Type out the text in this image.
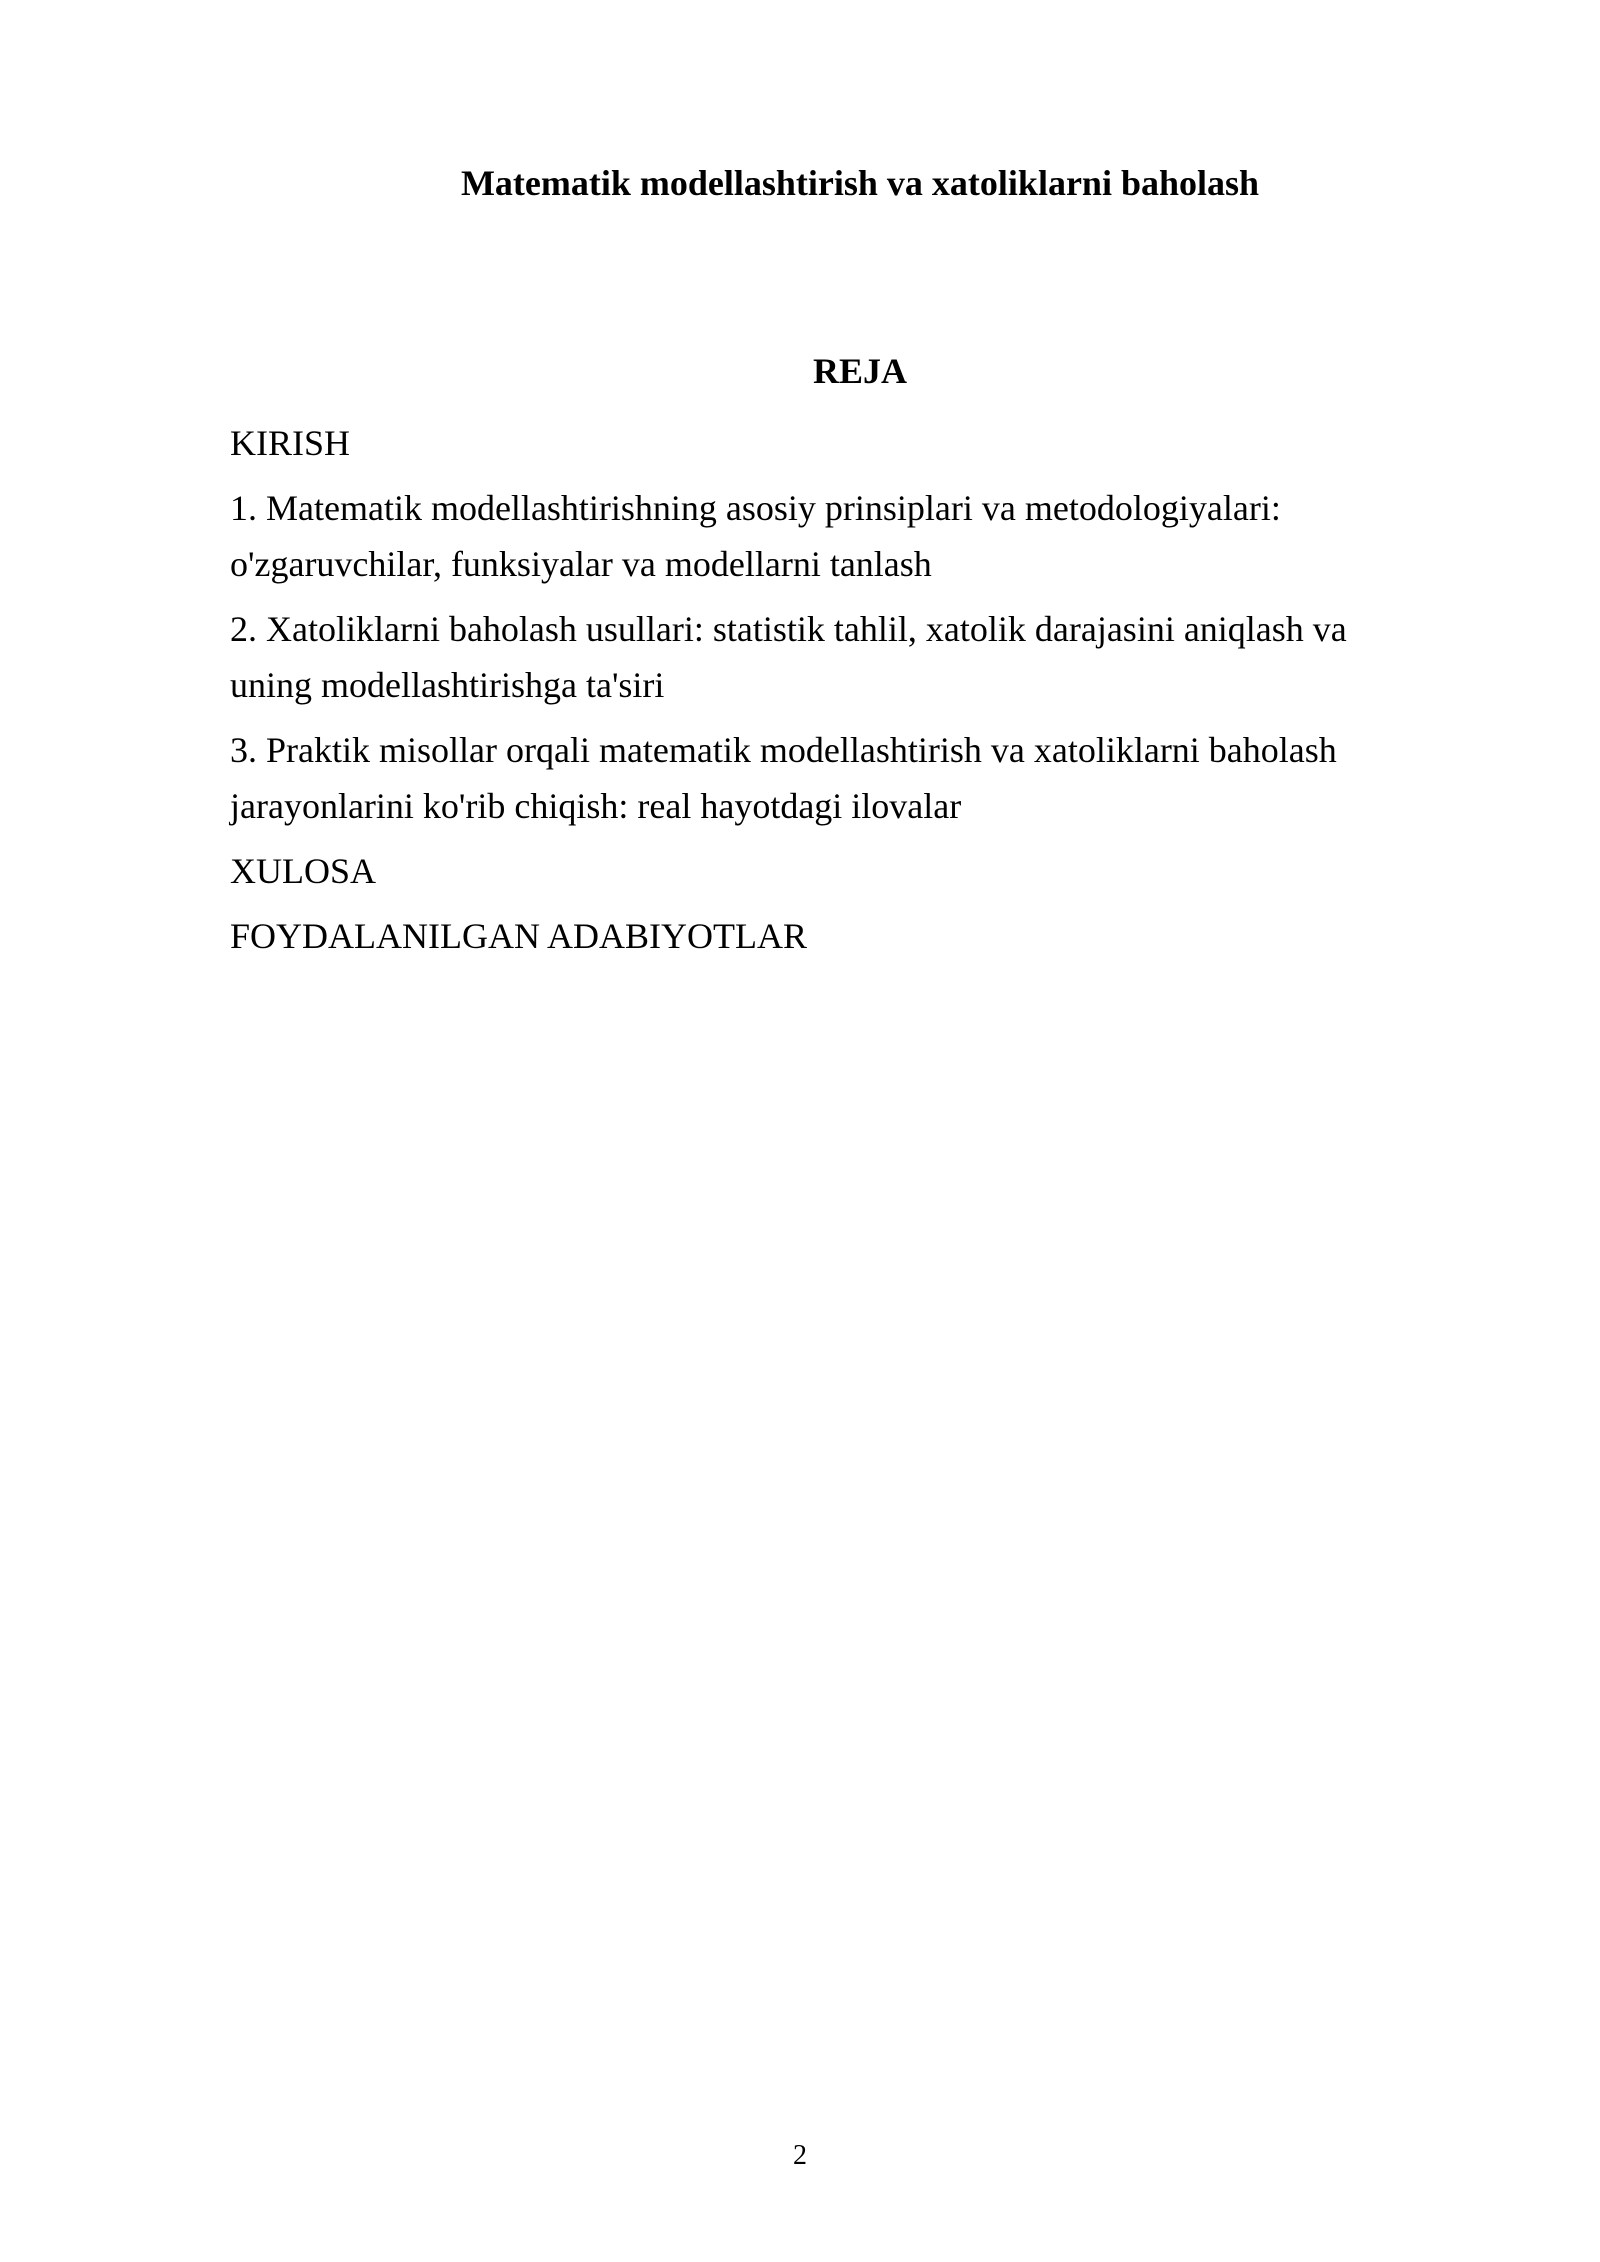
Matematik modellashtirish va xatoliklarni baholash
REJA
KIRISH
1. Matematik modellashtirishning asosiy prinsiplari va metodologiyalari: o'zgaruvchilar, funksiyalar va modellarni tanlash
2. Xatoliklarni baholash usullari: statistik tahlil, xatolik darajasini aniqlash va uning modellashtirishga ta'siri
3. Praktik misollar orqali matematik modellashtirish va xatoliklarni baholash jarayonlarini ko'rib chiqish: real hayotdagi ilovalar
XULOSA
FOYDALANILGAN ADABIYOTLAR
2
